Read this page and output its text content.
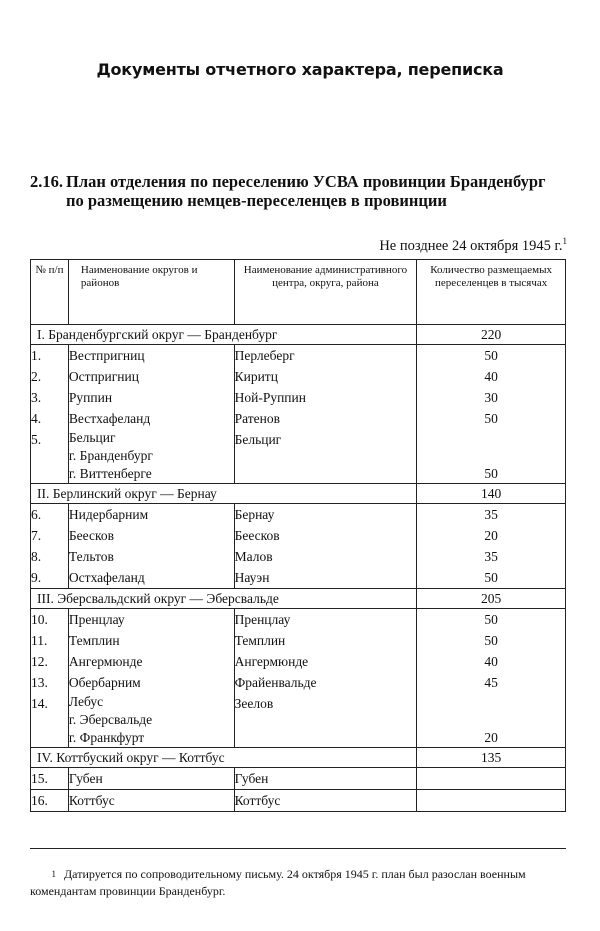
Документы отчетного характера, переписка
2.16. План отделения по переселению УСВА провинции Бранденбург
по размещению немцев-переселенцев в провинции
Не позднее 24 октября 1945 г.$^1$
№ п/п	Наименование округов и районов	Наименование административного центра, округа, района	Количество размещаемых переселенцев в тысячах
I. Бранденбургский округ — Бранденбург			220
1.	Вестпригниц	Перлеберг	50
2.	Остпригниц	Киритц	40
3.	Руппин	Ной-Руппин	30
4.	Вестхафеланд	Ратенов	50
5.	Бельциг
г. Бранденбург
г. Виттенберге	Бельциг	50
II. Берлинский округ — Бернау			140
6.	Нидербарним	Бернау	35
7.	Беесков	Беесков	20
8.	Тельтов	Малов	35
9.	Остхафеланд	Науэн	50
III. Эберсвальдский округ — Эберсвальде			205
10.	Пренцлау	Пренцлау	50
11.	Темплин	Темплин	50
12.	Ангермюнде	Ангермюнде	40
13.	Обербарним	Фрайенвальде	45
14.	Лебус
г. Эберсвальде
г. Франкфурт	Зеелов	20
IV. Коттбуский округ — Коттбус			135
15.	Губен	Губен	
16.	Коттбус	Коттбус	
1 Датируется по сопроводительному письму. 24 октября 1945 г. план был разослан военным комендантам провинции Бранденбург.
